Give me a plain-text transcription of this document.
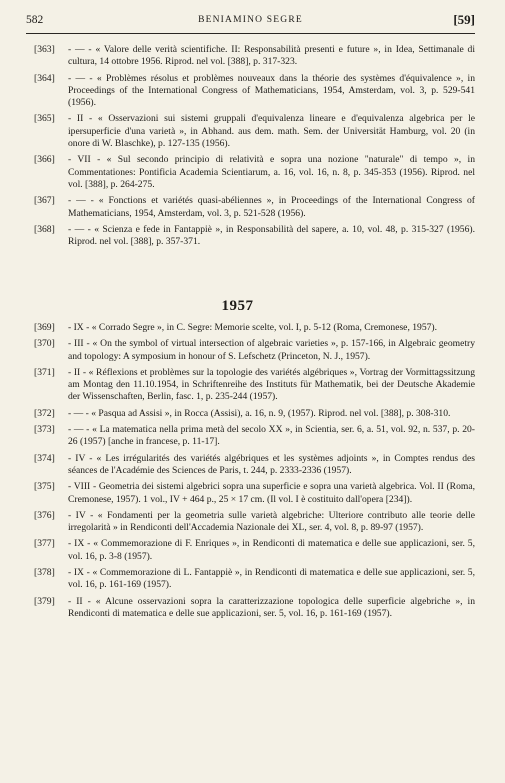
582	BENIAMINO SEGRE	[59]
[363] - — - « Valore delle verità scientifiche. II: Responsabilità presenti e future », in Idea, Settimanale di cultura, 14 ottobre 1956. Riprod. nel vol. [388], p. 317-323.
[364] - — - « Problèmes résolus et problèmes nouveaux dans la théorie des systèmes d'équivalence », in Proceedings of the International Congress of Mathematicians, 1954, Amsterdam, vol. 3, p. 529-541 (1956).
[365] - II - « Osservazioni sui sistemi gruppali d'equivalenza lineare e d'equivalenza algebrica per le ipersuperficie d'una varietà », in Abhand. aus dem. math. Sem. der Universität Hamburg, vol. 20 (in onore di W. Blaschke), p. 127-135 (1956).
[366] - VII - « Sul secondo principio di relatività e sopra una nozione "naturale" di tempo », in Commentationes: Pontificia Academia Scientiarum, a. 16, vol. 16, n. 8, p. 345-353 (1956). Riprod. nel vol. [388], p. 264-275.
[367] - — - « Fonctions et variétés quasi-abéliennes », in Proceedings of the International Congress of Mathematicians, 1954, Amsterdam, vol. 3, p. 521-528 (1956).
[368] - — - « Scienza e fede in Fantappiè », in Responsabilità del sapere, a. 10, vol. 48, p. 315-327 (1956). Riprod. nel vol. [388], p. 357-371.
1957
[369] - IX - « Corrado Segre », in C. Segre: Memorie scelte, vol. I, p. 5-12 (Roma, Cremonese, 1957).
[370] - III - « On the symbol of virtual intersection of algebraic varieties », p. 157-166, in Algebraic geometry and topology: A symposium in honour of S. Lefschetz (Princeton, N. J., 1957).
[371] - II - « Réflexions et problèmes sur la topologie des variétés algébriques », Vortrag der Vormittagssitzung am Montag den 11.10.1954, in Schriftenreihe des Instituts für Mathematik, bei der Deutsche Akademie der Wissenschaften, Berlin, fasc. 1, p. 235-244 (1957).
[372] - — - « Pasqua ad Assisi », in Rocca (Assisi), a. 16, n. 9, (1957). Riprod. nel vol. [388], p. 308-310.
[373] - — - « La matematica nella prima metà del secolo XX », in Scientia, ser. 6, a. 51, vol. 92, n. 537, p. 20-26 (1957) [anche in francese, p. 11-17].
[374] - IV - « Les irrégularités des variétés algébriques et les systèmes adjoints », in Comptes rendus des séances de l'Académie des Sciences de Paris, t. 244, p. 2333-2336 (1957).
[375] - VIII - Geometria dei sistemi algebrici sopra una superficie e sopra una varietà algebrica. Vol. II (Roma, Cremonese, 1957). 1 vol., IV + 464 p., 25 × 17 cm. (Il vol. I è costituito dall'opera [234]).
[376] - IV - « Fondamenti per la geometria sulle varietà algebriche: Ulteriore contributo alle teorie delle irregolarità » in Rendiconti dell'Accademia Nazionale dei XL, ser. 4, vol. 8, p. 89-97 (1957).
[377] - IX - « Commemorazione di F. Enriques », in Rendiconti di matematica e delle sue applicazioni, ser. 5, vol. 16, p. 3-8 (1957).
[378] - IX - « Commemorazione di L. Fantappiè », in Rendiconti di matematica e delle sue applicazioni, ser. 5, vol. 16, p. 161-169 (1957).
[379] - II - « Alcune osservazioni sopra la caratterizzazione topologica delle superficie algebriche », in Rendiconti di matematica e delle sue applicazioni, ser. 5, vol. 16, p. 161-169 (1957).
